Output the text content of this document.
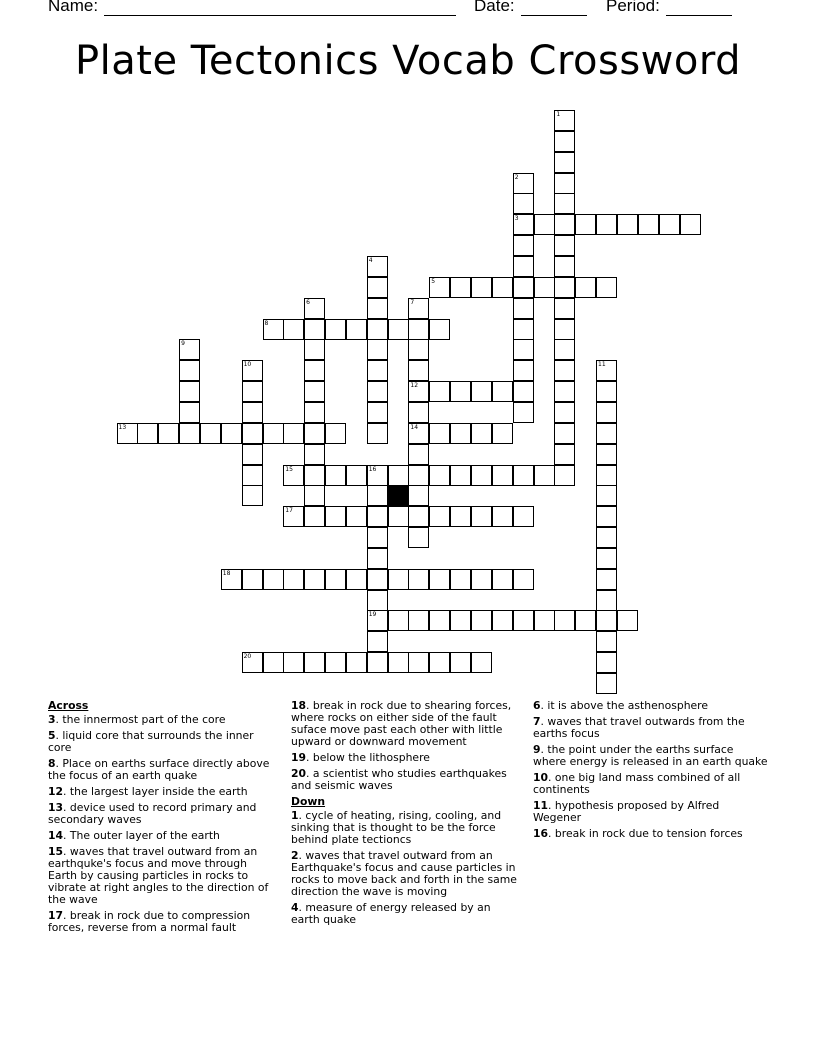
Name:	Date:	Period:
Plate Tectonics Vocab Crossword
1
2
3
4
5
6	7
12
14
8
9
10	11
13
15	16
19
17
18
20
Across
3. the innermost part of the core
5. liquid core that surrounds the inner core
8. Place on earths surface directly above the focus of an earth quake
12. the largest layer inside the earth
13. device used to record primary and secondary waves
14. The outer layer of the earth
15. waves that travel outward from an earthquke's focus and move through Earth by causing particles in rocks to vibrate at right angles to the direction of the wave
17. break in rock due to compression forces, reverse from a normal fault
18. break in rock due to shearing forces, where rocks on either side of the fault suface move past each other with little upward or downward movement
19. below the lithosphere
20. a scientist who studies earthquakes and seismic waves
Down
1. cycle of heating, rising, cooling, and sinking that is thought to be the force behind plate tectioncs
2. waves that travel outward from an Earthquake's focus and cause particles in rocks to move back and forth in the same direction the wave is moving
4. measure of energy released by an earth quake
6. it is above the asthenosphere
7. waves that travel outwards from the earths focus
9. the point under the earths surface where energy is released in an earth quake
10. one big land mass combined of all continents
11. hypothesis proposed by Alfred Wegener
16. break in rock due to tension forces
